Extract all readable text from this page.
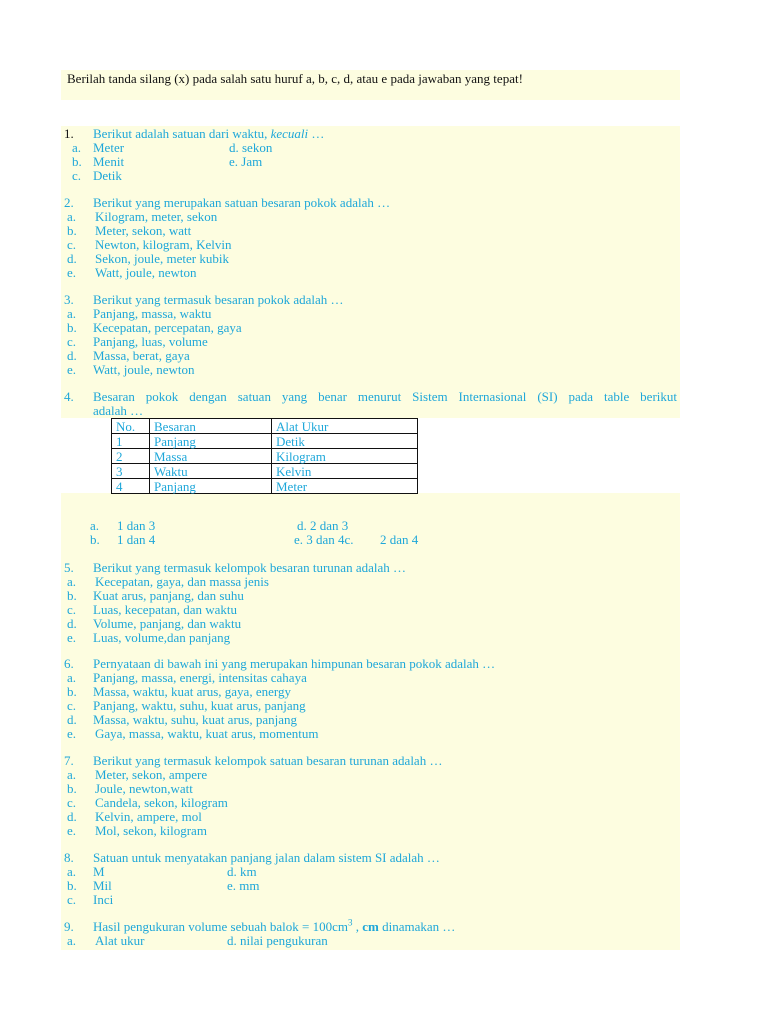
Berilah tanda silang (x) pada salah satu huruf a, b, c, d, atau e pada jawaban yang tepat!
1. Berikut adalah satuan dari waktu, kecuali …
a. Meter	d. sekon
b. Menit	e. Jam
c. Detik
2. Berikut yang merupakan satuan besaran pokok adalah …
a. Kilogram, meter, sekon
b. Meter, sekon, watt
c. Newton, kilogram, Kelvin
d. Sekon, joule, meter kubik
e. Watt, joule, newton
3. Berikut yang termasuk besaran pokok adalah …
a. Panjang, massa, waktu
b. Kecepatan, percepatan, gaya
c. Panjang, luas, volume
d. Massa, berat, gaya
e. Watt, joule, newton
4. Besaran pokok dengan satuan yang benar menurut Sistem Internasional (SI) pada table berikut
adalah …
No.	Besaran	Alat Ukur
1	Panjang	Detik
2	Massa	Kilogram
3	Waktu	Kelvin
4	Panjang	Meter
a. 1 dan 3	d. 2 dan 3
b. 1 dan 4	e. 3 dan 4c. 2 dan 4
5. Berikut yang termasuk kelompok besaran turunan adalah …
a. Kecepatan, gaya, dan massa jenis
b. Kuat arus, panjang, dan suhu
c. Luas, kecepatan, dan waktu
d. Volume, panjang, dan waktu
e. Luas, volume,dan panjang
6. Pernyataan di bawah ini yang merupakan himpunan besaran pokok adalah …
a. Panjang, massa, energi, intensitas cahaya
b. Massa, waktu, kuat arus, gaya, energy
c. Panjang, waktu, suhu, kuat arus, panjang
d. Massa, waktu, suhu, kuat arus, panjang
e. Gaya, massa, waktu, kuat arus, momentum
7. Berikut yang termasuk kelompok satuan besaran turunan adalah …
a. Meter, sekon, ampere
b. Joule, newton,watt
c. Candela, sekon, kilogram
d. Kelvin, ampere, mol
e. Mol, sekon, kilogram
8. Satuan untuk menyatakan panjang jalan dalam sistem SI adalah …
a. M	d. km
b. Mil	e. mm
c. Inci
9. Hasil pengukuran volume sebuah balok = $100cm^3$ , cm dinamakan …
a. Alat ukur	d. nilai pengukuran
